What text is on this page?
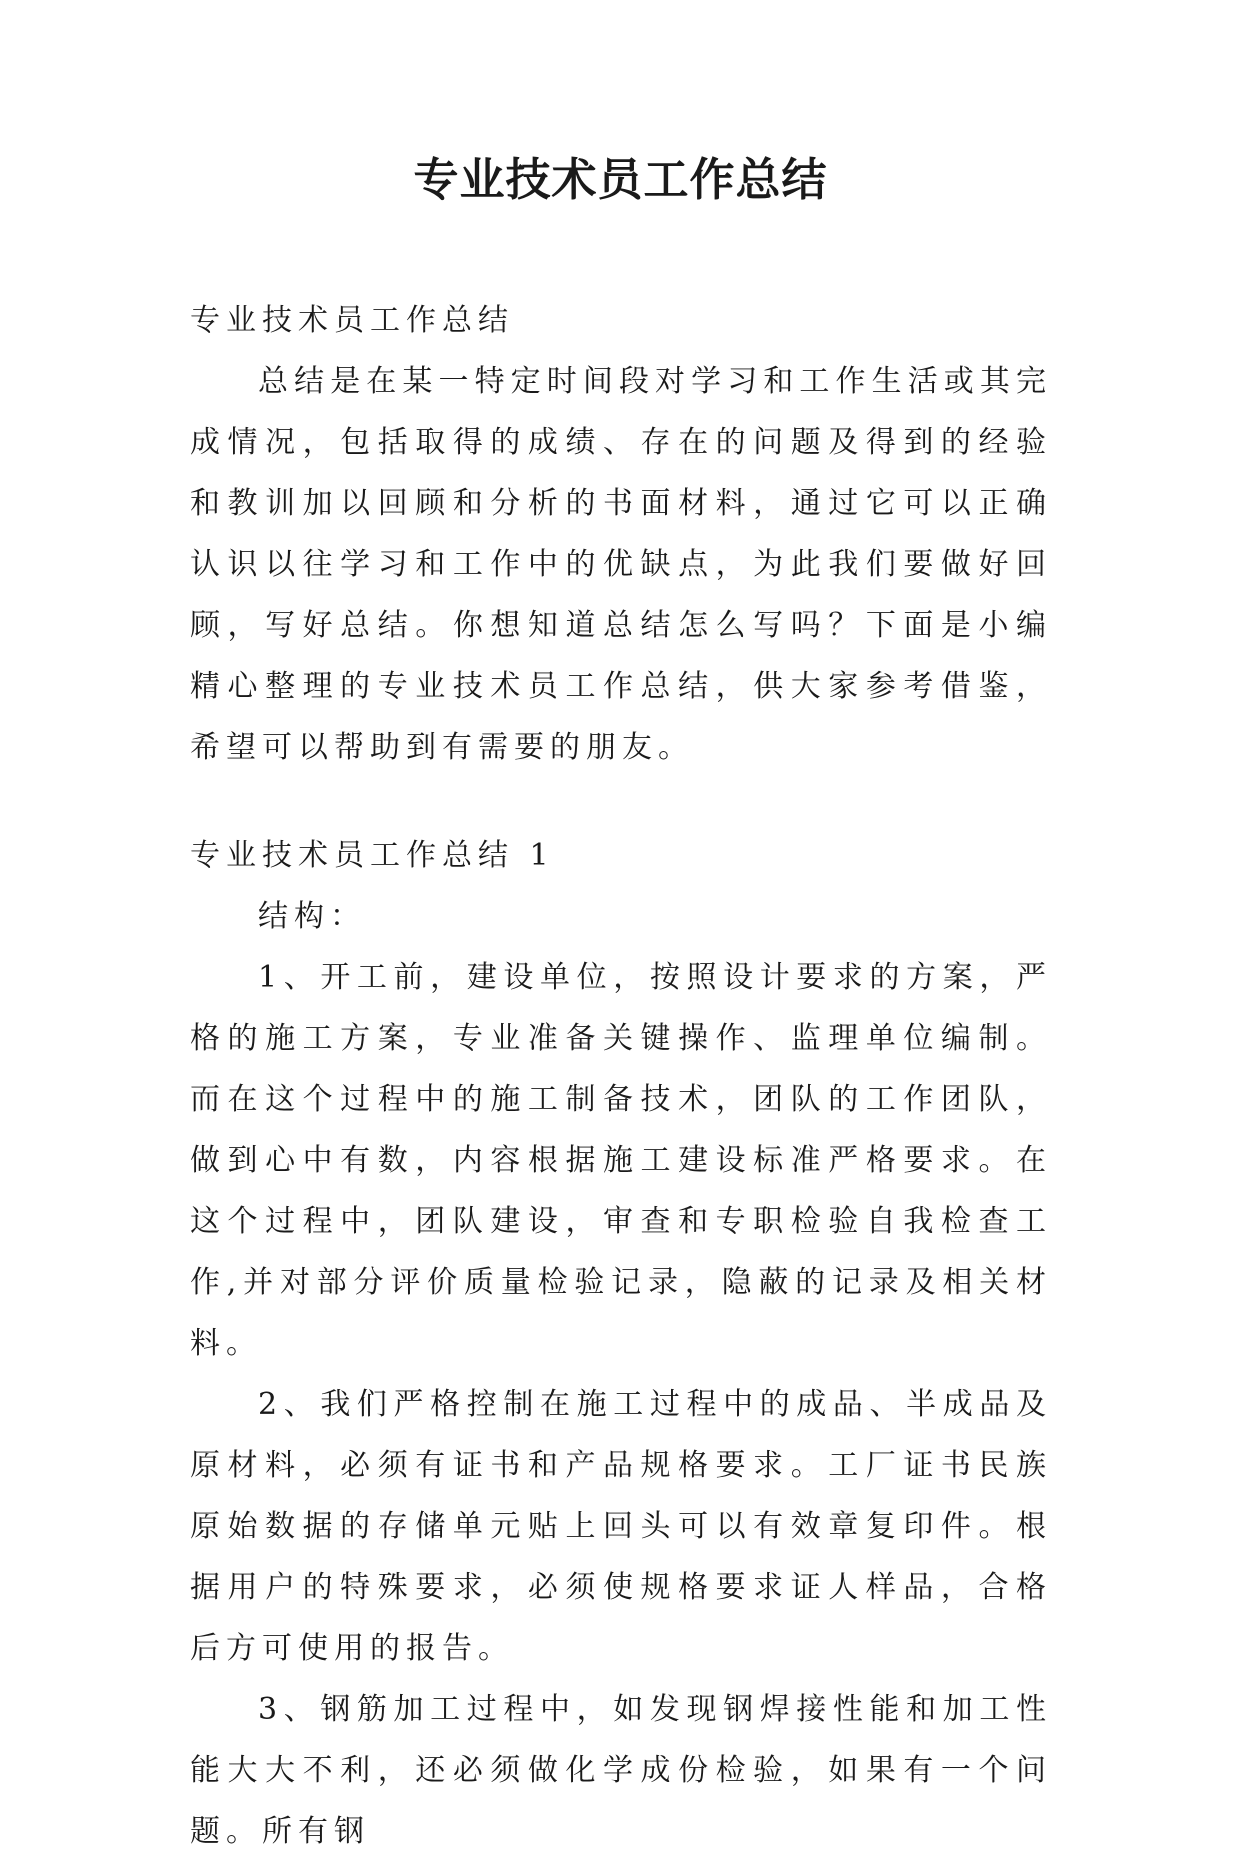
专业技术员工作总结

专业技术员工作总结

总结是在某一特定时间段对学习和工作生活或其完成情况，包括取得的成绩、存在的问题及得到的经验和教训加以回顾和分析的书面材料，通过它可以正确认识以往学习和工作中的优缺点，为此我们要做好回顾，写好总结。你想知道总结怎么写吗？下面是小编精心整理的专业技术员工作总结，供大家参考借鉴，希望可以帮助到有需要的朋友。

专业技术员工作总结 1

结构：

1、开工前，建设单位，按照设计要求的方案，严格的施工方案，专业准备关键操作、监理单位编制。而在这个过程中的施工制备技术，团队的工作团队，做到心中有数，内容根据施工建设标准严格要求。在这个过程中，团队建设，审查和专职检验自我检查工作,并对部分评价质量检验记录，隐蔽的记录及相关材料。

2、我们严格控制在施工过程中的成品、半成品及原材料，必须有证书和产品规格要求。工厂证书民族原始数据的存储单元贴上回头可以有效章复印件。根据用户的特殊要求，必须使规格要求证人样品，合格后方可使用的报告。

3、钢筋加工过程中，如发现钢焊接性能和加工性能大大不利，还必须做化学成份检验，如果有一个问题。所有钢
